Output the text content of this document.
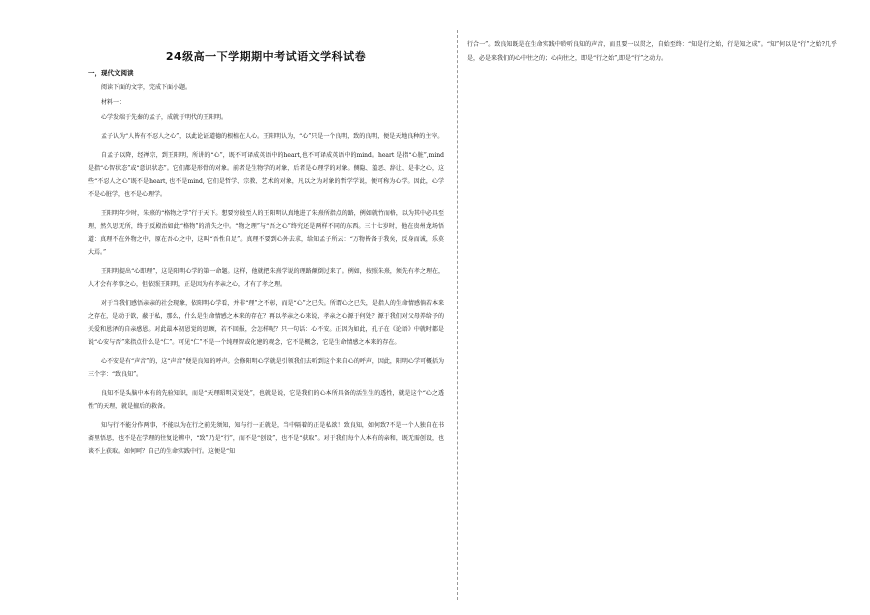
24级高一下学期期中考试语文学科试卷
一，现代文阅读

阅读下面的文字，完成下面小题。

材料一：

心学发端于先秦的孟子，成就于明代的王阳明。

孟子认为“人皆有不忍人之心”，以此论证道德的根植在人心。王阳明认为，“心”只是一个良明，致的良明，便是天地良种的主宰。

自孟子以降，经禅宗，到王阳明，所讲的“心”，既不可译成英语中的heart,也不可译成英语中的mind。heart 是指“心脏”,mind 是指“心智状态”或“意识状态”。它们都是形骨的对象。前者是生物学的对象，后者是心理学的对象。侧隐、羞恶、辞让、是非之心，这些“不忍人之心”既不是heart, 也不是mind, 它们是哲学、宗教、艺术的对象，凡以之为对象的哲学学说，便可称为心学。因此，心学不是心脏学，也不是心理学。

王阳明年少时，朱熹的“格物之学”行于天下。想要穷彼至人的王阳明认真地进了朱熹所指点的路，例如就竹而格，以为其中必具至理，然久思无所，终于反殿治如此“格物”的消失之中。“物之理”与“吾之心”终究还是两样不同的东西。三十七岁时，他在贵州龙场悟道：真理不在外物之中，原在吾心之中，这叫“吾性自足”。真理不要到心外去求，给知孟子所云：“万物皆备于我矣，反身而诚，乐莫大焉。”

王阳明提出“心即理”，这是阳明心学的第一命题。这样，他就把朱熹学说的理路颠倒过来了。例如，按照朱熹，须先有孝之理在，人才会有孝事之心，但依照王阳明，正是因为有孝亲之心，才有了孝之理。

对于当我们感悟亲亲的社会现象，依阳明心学看，并非“理”之不彰，而是“心”之已失。所谓心之已失，是指人的生命情感倘若本来之存在，是动于欲，蔽于私，那么，什么是生命情感之本来的存在？再以孝亲之心来说，孝亲之心源于何处？源于我们对父母养给予的关爱和恩泽的自亲感恩。对此最本初恩觉的思顾，若不回报，会怎样呢？只一句话：心不安。正因为如此，孔子在《论语》中就时都是说“心安与否”来指点什么是“仁”。可见“仁”不是一个纯理智或化建的观念，它不是概念，它是生命情感之本来的存在。

心不安是有“声音”的，这“声音”便是良知的呼声。会修阳明心学就是引领我们去听到这个来自心的呼声，因此，阳明心学可概括为三个字：“致良知”。

良知不是头脑中本有的先验知识，而是“天理昭明灵觉处”，也就是说，它是我们的心本所具备的活生生的透性，就是这个“心之透性”的天理，就是擅后的救备。

知与行不能分作两事，不能以为在行之前先须知，知与行一正就是，当中隔着的正是私欲！致良知，如何致?不是一个人独自在书斋里悟思，也不是在学理的往复论辨中，“致”乃是“行”，而不是“创设”，也不是“获取”。对于我们每个人本有的亲和，既无需创设，也谈不上获取。如何呵？自己的生命实践中行。这便是“知

行合一”。致良知既是在生命实践中聆听良知的声音，而且要一以贯之，自始至终：“知是行之始，行是知之成”。“知”何以是“行”之始?几乎是，必是来我们的心中往之的；心向往之，即是“行之始”,即是“行”之动力。
